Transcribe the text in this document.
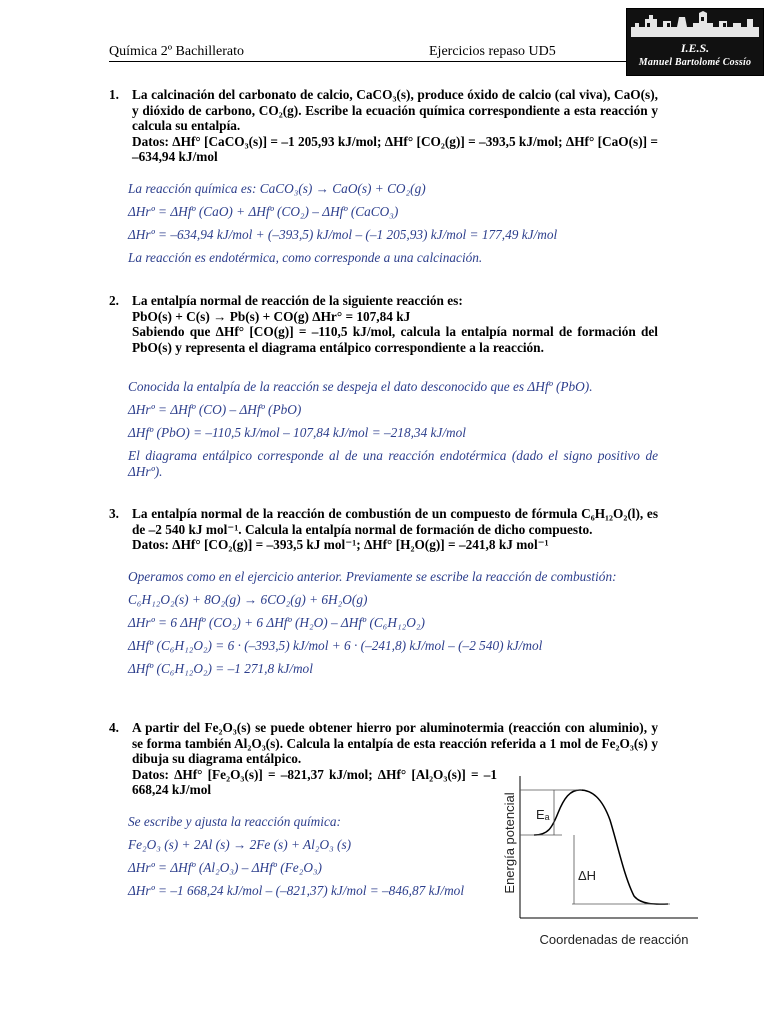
Química 2º Bachillerato	Ejercicios repaso UD5	I.E.S.
Manuel Bartolomé Cossío
1. La calcinación del carbonato de calcio, CaCO₃(s), produce óxido de calcio (cal viva), CaO(s), y dióxido de carbono, CO₂(g). Escribe la ecuación química correspondiente a esta reacción y calcula su entalpía.
Datos: ΔHf° [CaCO₃(s)] = –1 205,93 kJ/mol; ΔHf° [CO₂(g)] = –393,5 kJ/mol; ΔHf° [CaO(s)] = –634,94 kJ/mol

La reacción química es: CaCO₃(s) → CaO(s) + CO₂(g)

ΔHrº = ΔHfº (CaO) + ΔHfº (CO₂) – ΔHfº (CaCO₃)

ΔHrº = –634,94 kJ/mol + (–393,5) kJ/mol – (–1 205,93) kJ/mol = 177,49 kJ/mol

La reacción es endotérmica, como corresponde a una calcinación.

2. La entalpía normal de reacción de la siguiente reacción es:
PbO(s) + C(s) → Pb(s) + CO(g) ΔHr° = 107,84 kJ
Sabiendo que ΔHf° [CO(g)] = –110,5 kJ/mol, calcula la entalpía normal de formación del PbO(s) y representa el diagrama entálpico correspondiente a la reacción.

Conocida la entalpía de la reacción se despeja el dato desconocido que es ΔHfº (PbO).

ΔHrº = ΔHfº (CO) – ΔHfº (PbO)

ΔHfº (PbO) = –110,5 kJ/mol – 107,84 kJ/mol = –218,34 kJ/mol

El diagrama entálpico corresponde al de una reacción endotérmica (dado el signo positivo de ΔHrº).

3. La entalpía normal de la reacción de combustión de un compuesto de fórmula C₆H₁₂O₂(l), es de –2 540 kJ mol⁻¹. Calcula la entalpía normal de formación de dicho compuesto.
Datos: ΔHf° [CO₂(g)] = –393,5 kJ mol⁻¹; ΔHf° [H₂O(g)] = –241,8 kJ mol⁻¹

Operamos como en el ejercicio anterior. Previamente se escribe la reacción de combustión:

C₆H₁₂O₂(s) + 8O₂(g) → 6CO₂(g) + 6H₂O(g)

ΔHrº = 6 ΔHfº (CO₂) + 6 ΔHfº (H₂O) – ΔHfº (C₆H₁₂O₂)

ΔHfº (C₆H₁₂O₂) = 6 · (–393,5) kJ/mol + 6 · (–241,8) kJ/mol – (–2 540) kJ/mol

ΔHfº (C₆H₁₂O₂) = –1 271,8 kJ/mol

4. A partir del Fe₂O₃(s) se puede obtener hierro por aluminotermia (reacción con aluminio), y se forma también Al₂O₃(s). Calcula la entalpía de esta reacción referida a 1 mol de Fe₂O₃(s) y dibuja su diagrama entálpico.
Datos: ΔHf° [Fe₂O₃(s)] = –821,37 kJ/mol; ΔHf° [Al₂O₃(s)] = –1 668,24 kJ/mol

Se escribe y ajusta la reacción química:

Fe₂O₃ (s) + 2Al (s) → 2Fe (s) + Al₂O₃ (s)

ΔHrº = ΔHfº (Al₂O₃) – ΔHfº (Fe₂O₃)

ΔHrº = –1 668,24 kJ/mol – (–821,37) kJ/mol = –846,87 kJ/mol

Eₐ
ΔH
Energía potencial
Coordenadas de reacción
